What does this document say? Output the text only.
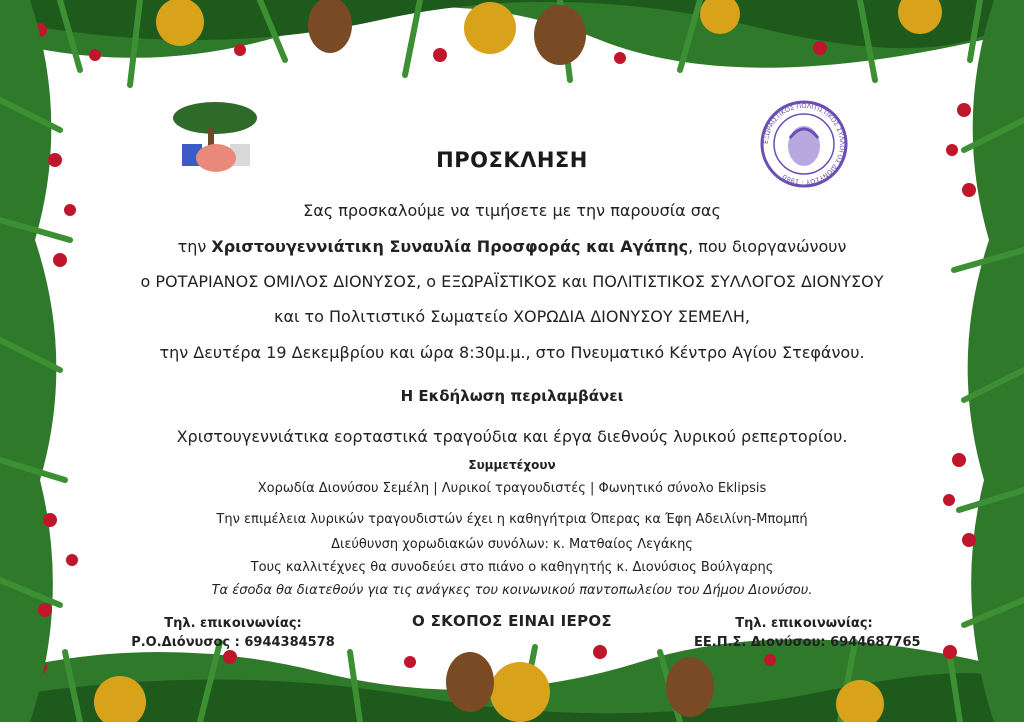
ΕΞΩΡΑΪΣΤΙΚΟΣ ΠΟΛΙΤΙΣΤΙΚΟΣ ΣΥΛΛΟΓΟΣ ΔΙΟΝΥΣΟΥ · 1980
ΠΡΟΣΚΛΗΣΗ
Σας προσκαλούμε να τιμήσετε με την παρουσία σας
την Χριστουγεννιάτικη Συναυλία Προσφοράς και Αγάπης, που διοργανώνουν
ο ΡΟΤΑΡΙΑΝΟΣ ΟΜΙΛΟΣ ΔΙΟΝΥΣΟΣ, ο ΕΞΩΡΑΪΣΤΙΚΟΣ και ΠΟΛΙΤΙΣΤΙΚΟΣ ΣΥΛΛΟΓΟΣ ΔΙΟΝΥΣΟΥ
και το Πολιτιστικό Σωματείο ΧΟΡΩΔΙΑ ΔΙΟΝΥΣΟΥ ΣΕΜΕΛΗ,
την Δευτέρα 19 Δεκεμβρίου και ώρα 8:30μ.μ., στο Πνευματικό Κέντρο Αγίου Στεφάνου.
Η Εκδήλωση περιλαμβάνει
Χριστουγεννιάτικα εορταστικά τραγούδια και έργα διεθνούς λυρικού ρεπερτορίου.
Συμμετέχουν
Χορωδία Διονύσου Σεμέλη | Λυρικοί τραγουδιστές | Φωνητικό σύνολο Eklipsis
Την επιμέλεια λυρικών τραγουδιστών έχει η καθηγήτρια Όπερας κα Έφη Αδειλίνη-Μπομπή
Διεύθυνση χορωδιακών συνόλων: κ. Ματθαίος Λεγάκης
Τους καλλιτέχνες θα συνοδεύει στο πιάνο ο καθηγητής κ. Διονύσιος Βούλγαρης
Τα έσοδα θα διατεθούν για τις ανάγκες του κοινωνικού παντοπωλείου του Δήμου Διονύσου.
Ο ΣΚΟΠΟΣ ΕΙΝΑΙ ΙΕΡΟΣ
Τηλ. επικοινωνίας:
Ρ.Ο.Διόνυσος : 6944384578
Τηλ. επικοινωνίας:
ΕΕ.Π.Σ. Διονύσου: 6944687765
